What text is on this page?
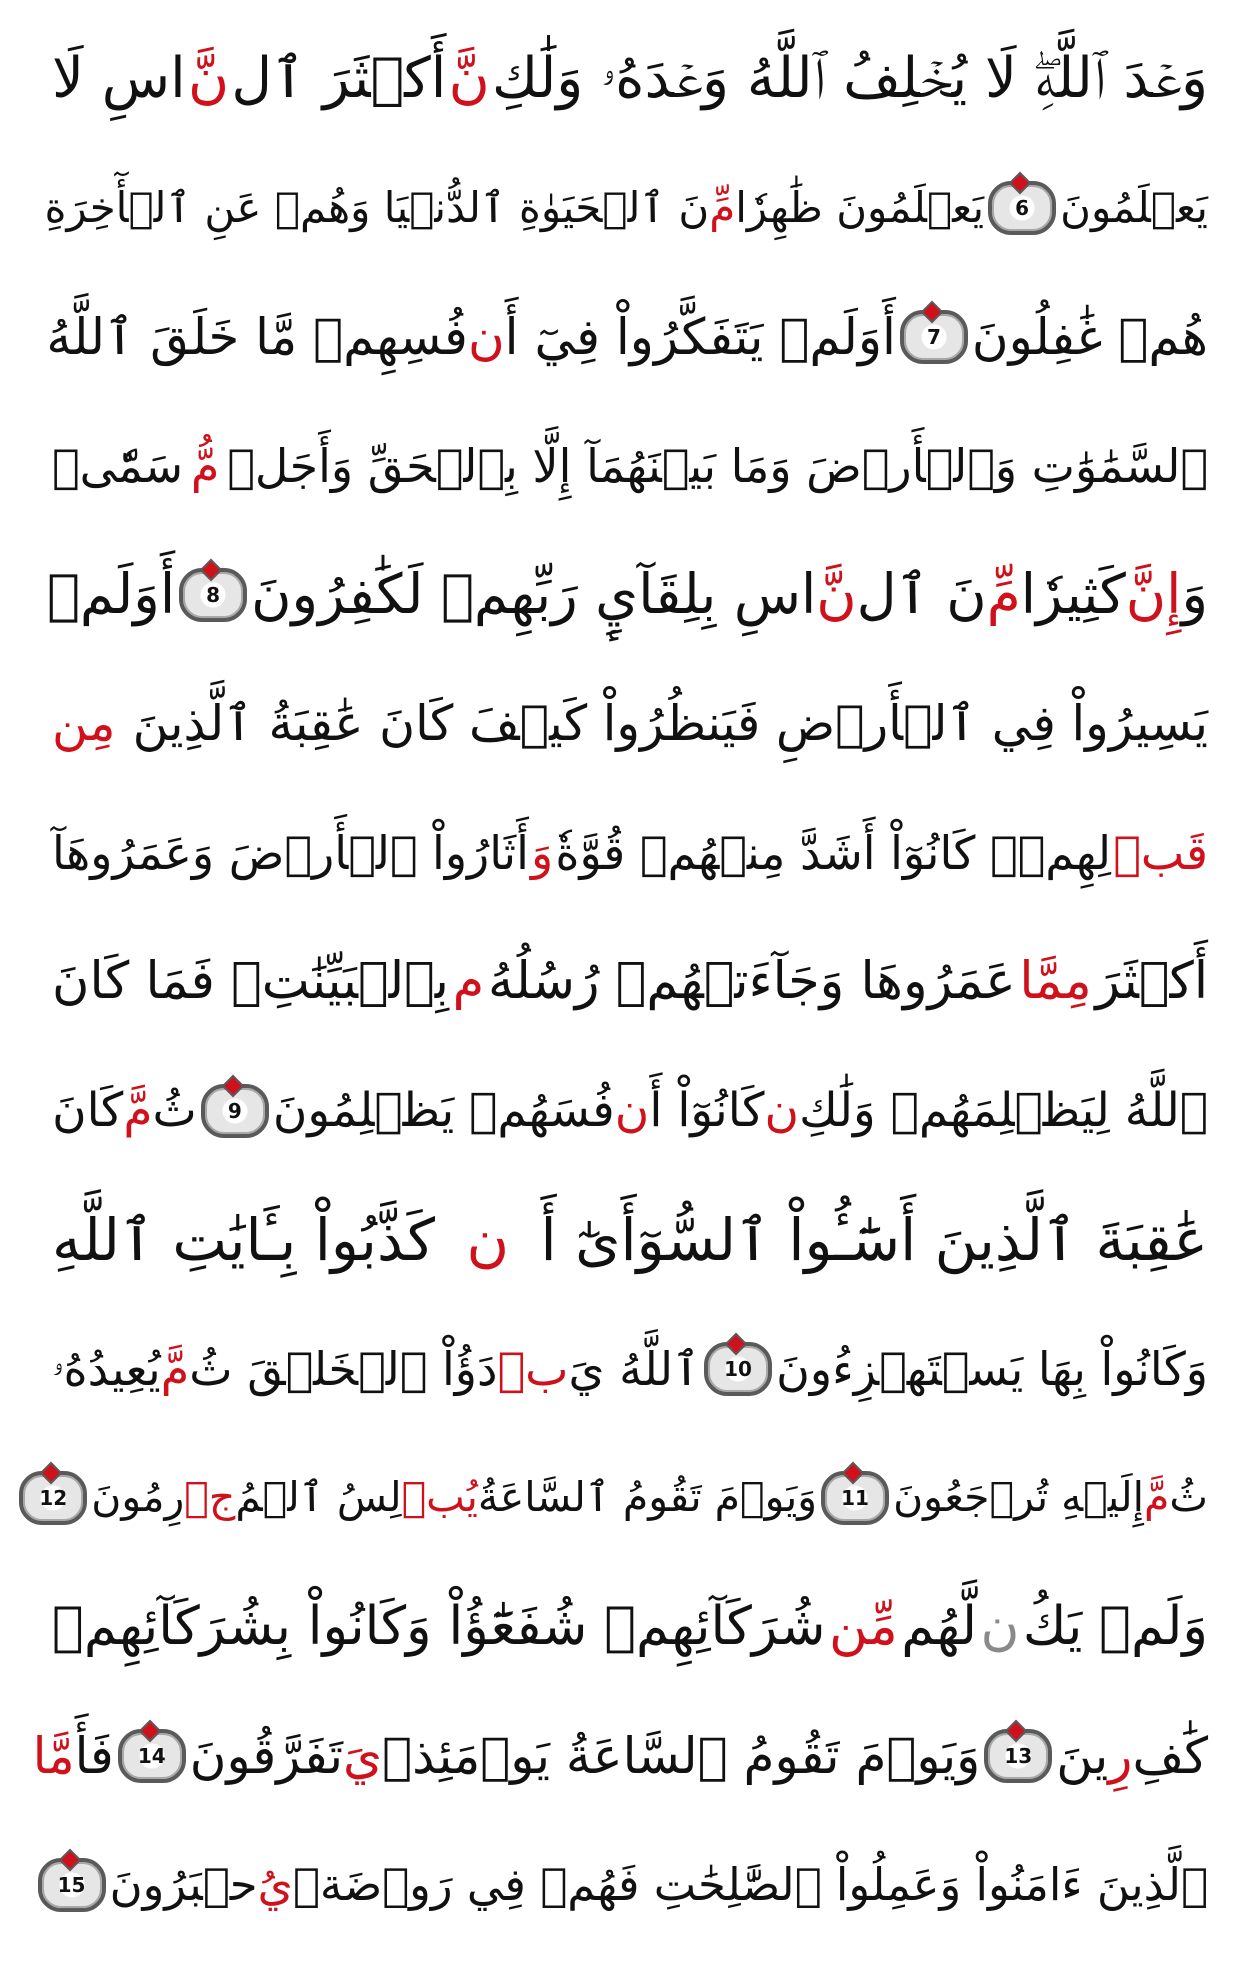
وَعۡدَ ٱللَّهِۖ لَا يُخۡلِفُ ٱللَّهُ وَعۡدَهُۥ وَلَٰكِ
نَّ
أَكۡثَرَ ٱل
نَّ
اسِ لَا
يَعۡلَمُونَ
6
يَعۡلَمُونَ ظَٰهِرٗا
مِّ
نَ ٱلۡحَيَوٰةِ ٱلدُّنۡيَا وَهُمۡ عَنِ ٱلۡأٓخِرَةِ
هُمۡ غَٰفِلُونَ
7
أَوَلَمۡ يَتَفَكَّرُواْ فِيٓ أَ
ن
فُسِهِمۗ مَّا خَلَقَ ٱللَّهُ
ٱلسَّمَٰوَٰتِ وَٱلۡأَرۡضَ وَمَا بَيۡنَهُمَآ إِلَّا بِٱلۡحَقِّ وَأَجَلٖ
مُّ
سَمّٗىۗ
وَ
إِنَّ
كَثِيرٗا
مِّ
نَ ٱل
نَّ
اسِ بِلِقَآيِٕ رَبِّهِمۡ لَكَٰفِرُونَ
8
أَوَلَمۡ
يَسِيرُواْ فِي ٱلۡأَرۡضِ فَيَنظُرُواْ كَيۡفَ كَانَ عَٰقِبَةُ ٱلَّذِينَ
مِن
قَبۡ
لِهِمۡۚ كَانُوٓاْ أَشَدَّ مِنۡهُمۡ قُوَّةٗ
وَ
أَثَارُواْ ٱلۡأَرۡضَ وَعَمَرُوهَآ
أَكۡثَرَ
مِمَّا
عَمَرُوهَا وَجَآءَتۡهُمۡ رُسُلُهُ
م
بِٱلۡبَيِّنَٰتِۖ فَمَا كَانَ
ٱللَّهُ لِيَظۡلِمَهُمۡ وَلَٰكِ
ن
كَانُوٓاْ أَ
ن
فُسَهُمۡ يَظۡلِمُونَ
9
ثُ
مَّ
كَانَ
عَٰقِبَةَ ٱلَّذِينَ أَسَٰٓـُٔواْ ٱلسُّوٓأَىٰٓ أَ
ن
كَذَّبُواْ بِـَٔايَٰتِ ٱللَّهِ
وَكَانُواْ بِهَا يَسۡتَهۡزِءُونَ
10
ٱللَّهُ يَ
بۡ
دَؤُاْ ٱلۡخَلۡقَ ثُ
مَّ
يُعِيدُهُۥ
ثُ
مَّ
إِلَيۡهِ تُرۡجَعُونَ
11
وَيَوۡمَ تَقُومُ ٱلسَّاعَةُ
يُبۡ
لِسُ ٱلۡمُ
جۡ
رِمُونَ
12
وَلَمۡ يَكُ
ن
لَّهُم
مِّن
شُرَكَآئِهِمۡ شُفَعَٰٓؤُاْ وَكَانُواْ بِشُرَكَآئِهِمۡ
كَٰفِ
رِ
ينَ
13
وَيَوۡمَ تَقُومُ ٱلسَّاعَةُ يَوۡمَئِذٖ
يَ
تَفَرَّقُونَ
14
فَأَ
مَّا
ٱلَّذِينَ ءَامَنُواْ وَعَمِلُواْ ٱلصَّٰلِحَٰتِ فَهُمۡ فِي رَوۡضَةٖ
يُ
حۡبَرُونَ
15
